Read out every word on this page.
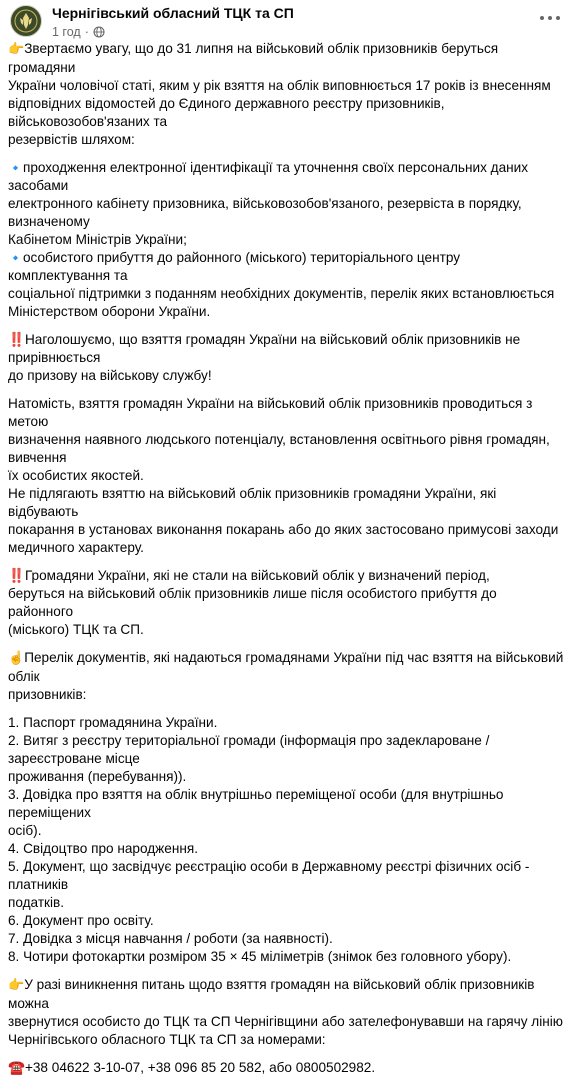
Чернігівський обласний ТЦК та СП
1 год ·
👉Звертаємо увагу, що до 31 липня на військовий облік призовників беруться громадяни
України чоловічої статі, яким у рік взяття на облік виповнюється 17 років із внесенням
відповідних відомостей до Єдиного державного реєстру призовників, військовозобов'язаних та
резервістів шляхом:
🔹проходження електронної ідентифікації та уточнення своїх персональних даних засобами
електронного кабінету призовника, військовозобов'язаного, резервіста в порядку, визначеному
Кабінетом Міністрів України;
🔹особистого прибуття до районного (міського) територіального центру комплектування та
соціальної підтримки з поданням необхідних документів, перелік яких встановлюється
Міністерством оборони України.
‼️Наголошуємо, що взяття громадян України на військовий облік призовників не прирівнюється
до призову на військову службу!
Натомість, взяття громадян України на військовий облік призовників проводиться з метою
визначення наявного людського потенціалу, встановлення освітнього рівня громадян, вивчення
їх особистих якостей.
Не підлягають взяттю на військовий облік призовників громадяни України, які відбувають
покарання в установах виконання покарань або до яких застосовано примусові заходи
медичного характеру.
‼️Громадяни України, які не стали на військовий облік у визначений період,
беруться на військовий облік призовників лише після особистого прибуття до районного
(міського) ТЦК та СП.
☝️Перелік документів, які надаються громадянами України під час взяття на військовий облік
призовників:
1. Паспорт громадянина України.
2. Витяг з реєстру територіальної громади (інформація про задеклароване / зареєстроване місце
проживання (перебування)).
3. Довідка про взяття на облік внутрішньо переміщеної особи (для внутрішньо переміщених
осіб).
4. Свідоцтво про народження.
5. Документ, що засвідчує реєстрацію особи в Державному реєстрі фізичних осіб - платників
податків.
6. Документ про освіту.
7. Довідка з місця навчання / роботи (за наявності).
8. Чотири фотокартки розміром 35 × 45 міліметрів (знімок без головного убору).
👉У разі виникнення питань щодо взяття громадян на військовий облік призовників можна
звернутися особисто до ТЦК та СП Чернігівщини або зателефонувавши на гарячу лінію
Чернігівського обласного ТЦК та СП за номерами:
☎️+38 04622 3-10-07, +38 096 85 20 582, або 0800502982.
